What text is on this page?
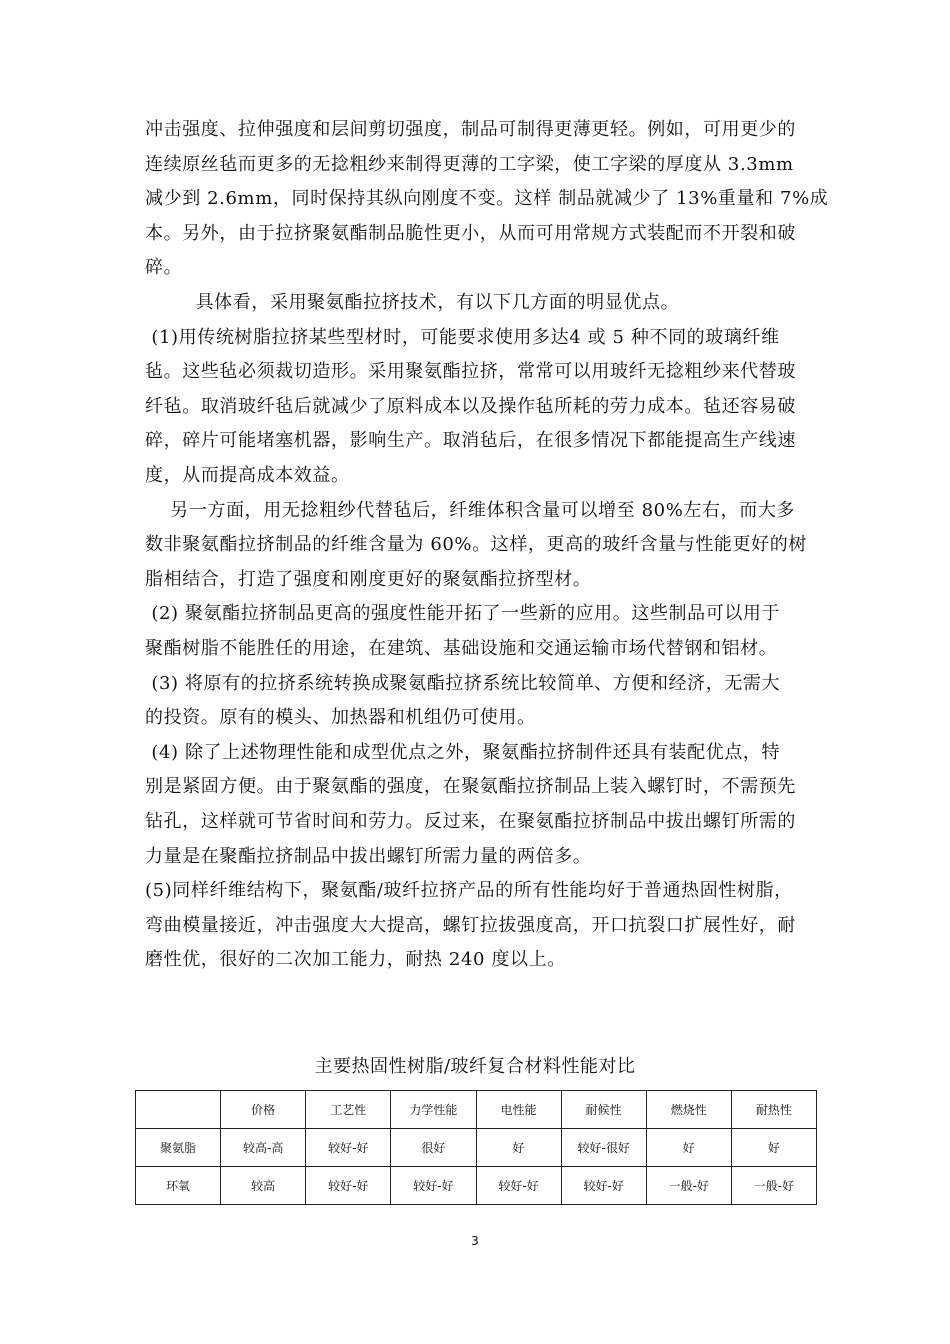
冲击强度、拉伸强度和层间剪切强度，制品可制得更薄更轻。例如，可用更少的
连续原丝毡而更多的无捻粗纱来制得更薄的工字梁，使工字梁的厚度从 3.3mm
减少到 2.6mm，同时保持其纵向刚度不变。这样 制品就减少了 13%重量和 7%成
本。另外，由于拉挤聚氨酯制品脆性更小，从而可用常规方式装配而不开裂和破
碎。
具体看，采用聚氨酯拉挤技术，有以下几方面的明显优点。
(1)用传统树脂拉挤某些型材时，可能要求使用多达4 或 5 种不同的玻璃纤维
毡。这些毡必须裁切造形。采用聚氨酯拉挤，常常可以用玻纤无捻粗纱来代替玻
纤毡。取消玻纤毡后就减少了原料成本以及操作毡所耗的劳力成本。毡还容易破
碎，碎片可能堵塞机器，影响生产。取消毡后，在很多情况下都能提高生产线速
度，从而提高成本效益。
另一方面，用无捻粗纱代替毡后，纤维体积含量可以增至 80%左右，而大多
数非聚氨酯拉挤制品的纤维含量为 60%。这样，更高的玻纤含量与性能更好的树
脂相结合，打造了强度和刚度更好的聚氨酯拉挤型材。
(2) 聚氨酯拉挤制品更高的强度性能开拓了一些新的应用。这些制品可以用于
聚酯树脂不能胜任的用途，在建筑、基础设施和交通运输市场代替钢和铝材。
(3) 将原有的拉挤系统转换成聚氨酯拉挤系统比较简单、方便和经济，无需大
的投资。原有的模头、加热器和机组仍可使用。
(4) 除了上述物理性能和成型优点之外，聚氨酯拉挤制件还具有装配优点，特
别是紧固方便。由于聚氨酯的强度，在聚氨酯拉挤制品上装入螺钉时，不需预先
钻孔，这样就可节省时间和劳力。反过来，在聚氨酯拉挤制品中拔出螺钉所需的
力量是在聚酯拉挤制品中拔出螺钉所需力量的两倍多。
(5)同样纤维结构下，聚氨酯/玻纤拉挤产品的所有性能均好于普通热固性树脂，
弯曲模量接近，冲击强度大大提高，螺钉拉拔强度高，开口抗裂口扩展性好，耐
磨性优，很好的二次加工能力，耐热 240 度以上。
主要热固性树脂/玻纤复合材料性能对比
	价格	工艺性	力学性能	电性能	耐候性	燃烧性	耐热性
聚氨脂	较高-高	较好-好	很好	好	较好-很好	好	好
环氧	较高	较好-好	较好-好	较好-好	较好-好	一般-好	一般-好
3
